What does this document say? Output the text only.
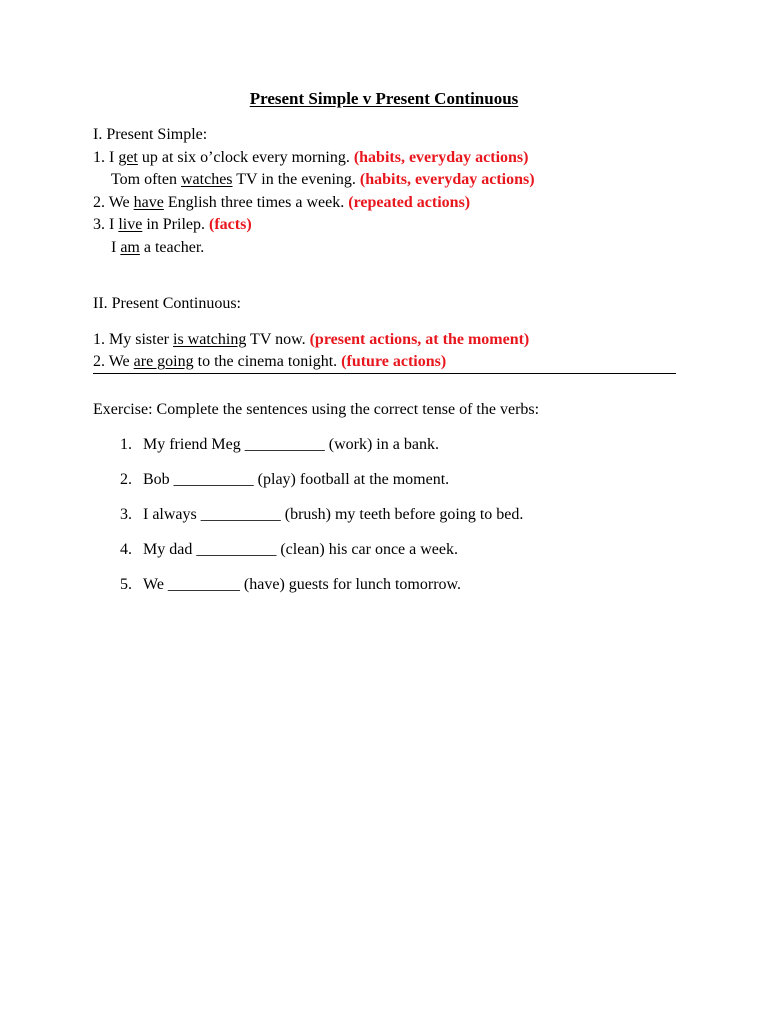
Present Simple v Present Continuous
I. Present Simple:
1. I get up at six o’clock every morning. (habits, everyday actions)
Tom often watches TV in the evening. (habits, everyday actions)
2. We have English three times a week. (repeated actions)
3. I live in Prilep. (facts)
I am a teacher.
II. Present Continuous:
1. My sister is watching TV now. (present actions, at the moment)
2. We are going to the cinema tonight. (future actions)
Exercise: Complete the sentences using the correct tense of the verbs:
1. My friend Meg __________ (work) in a bank.
2. Bob __________ (play) football at the moment.
3. I always __________ (brush) my teeth before going to bed.
4. My dad __________ (clean) his car once a week.
5. We _________ (have) guests for lunch tomorrow.
